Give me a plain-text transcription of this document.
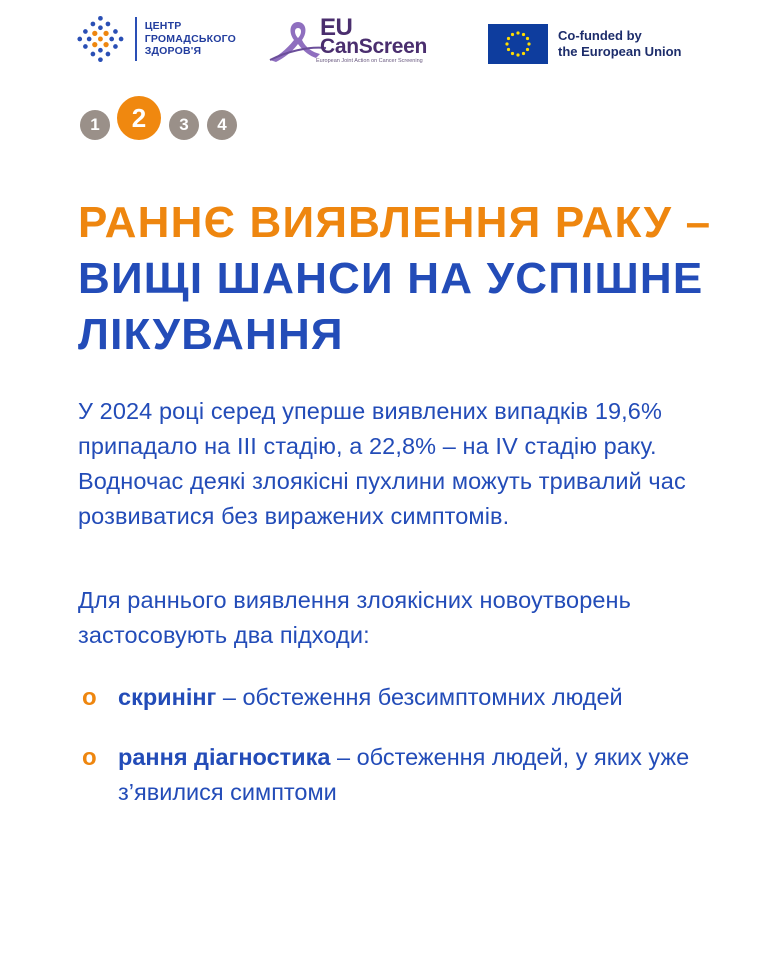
ЦЕНТР
ГРОМАДСЬКОГО
ЗДОРОВ'Я
EU
CanScreen
European Joint Action on Cancer Screening
Co-funded by
the European Union
1	2	3	4
РАННЄ ВИЯВЛЕННЯ РАКУ – ВИЩІ ШАНСИ НА УСПІШНЕ ЛІКУВАННЯ
У 2024 році серед уперше виявлених випадків 19,6% припадало на III стадію, а 22,8% – на IV стадію раку. Водночас деякі злоякісні пухлини можуть тривалий час розвиватися без виражених симптомів.
Для раннього виявлення злоякісних новоутворень застосовують два підходи:
o скринінг – обстеження безсимптомних людей
o рання діагностика – обстеження людей, у яких уже з’явилися симптоми
